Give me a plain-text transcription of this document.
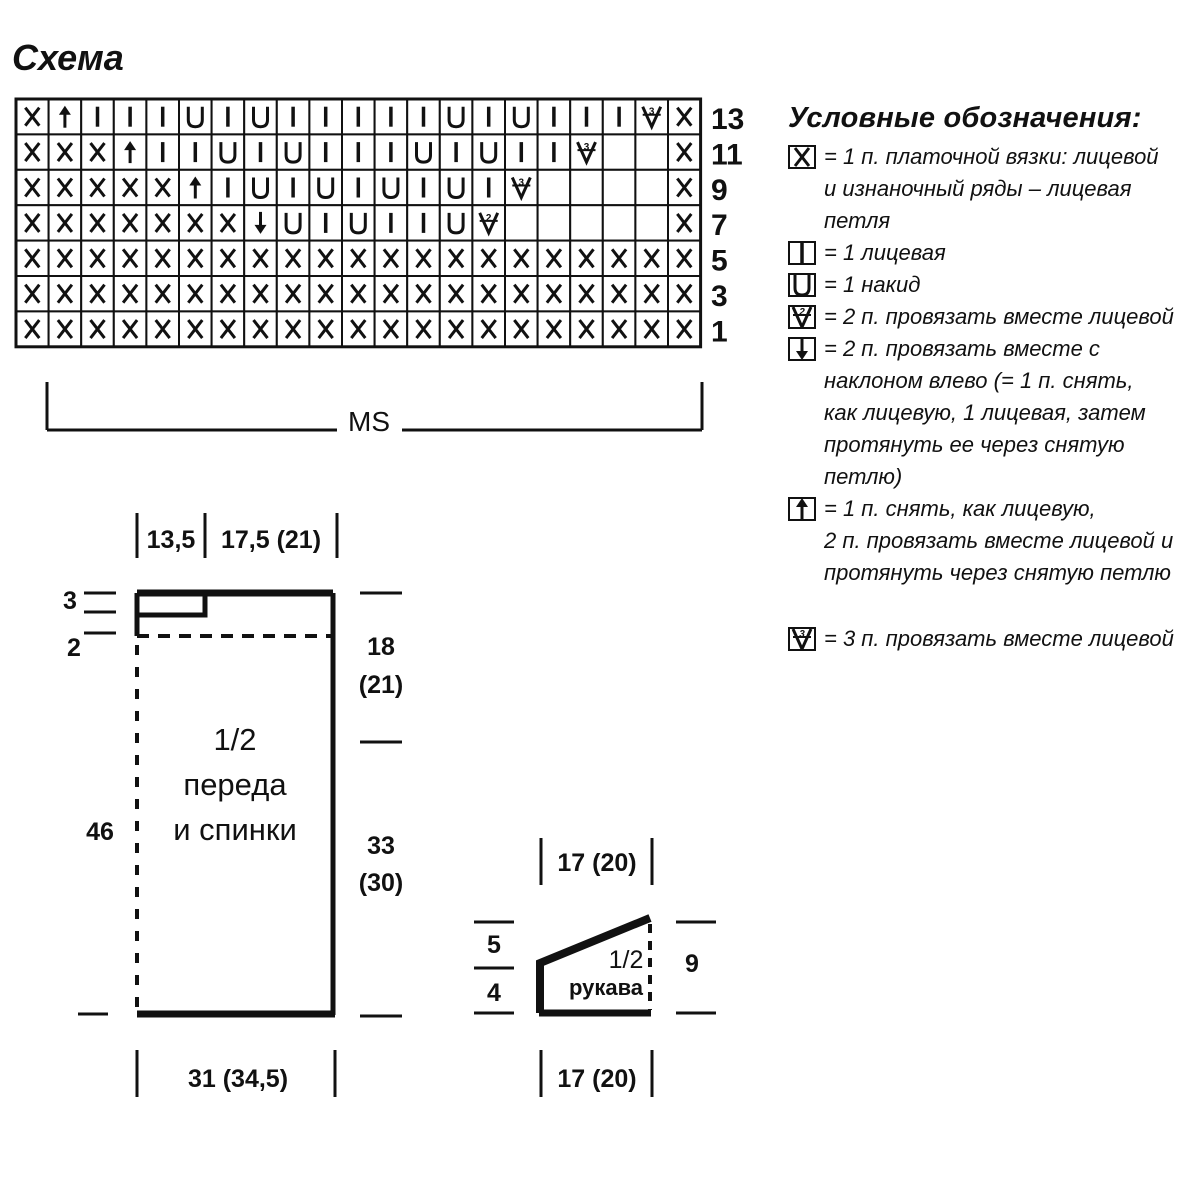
Схема
3
3
3
2
13
11
9
7
5
3
1
MS
13,5 17,5 (21)
3
2
46
18
(21)
33
(30)
1/2
переда
и спинки
31 (34,5)
17 (20)
1/2
рукава
5
4
9
17 (20)
Условные обозначения:
= 1 п. платочной вязки: лицевой
и изнаночный ряды – лицевая
петля
= 1 лицевая
= 1 накид
2 = 2 п. провязать вместе лицевой
= 2 п. провязать вместе с
наклоном влево (= 1 п. снять,
как лицевую, 1 лицевая, затем
протянуть ее через снятую
петлю)
= 1 п. снять, как лицевую,
2 п. провязать вместе лицевой и
протянуть через снятую петлю
3 = 3 п. провязать вместе лицевой
